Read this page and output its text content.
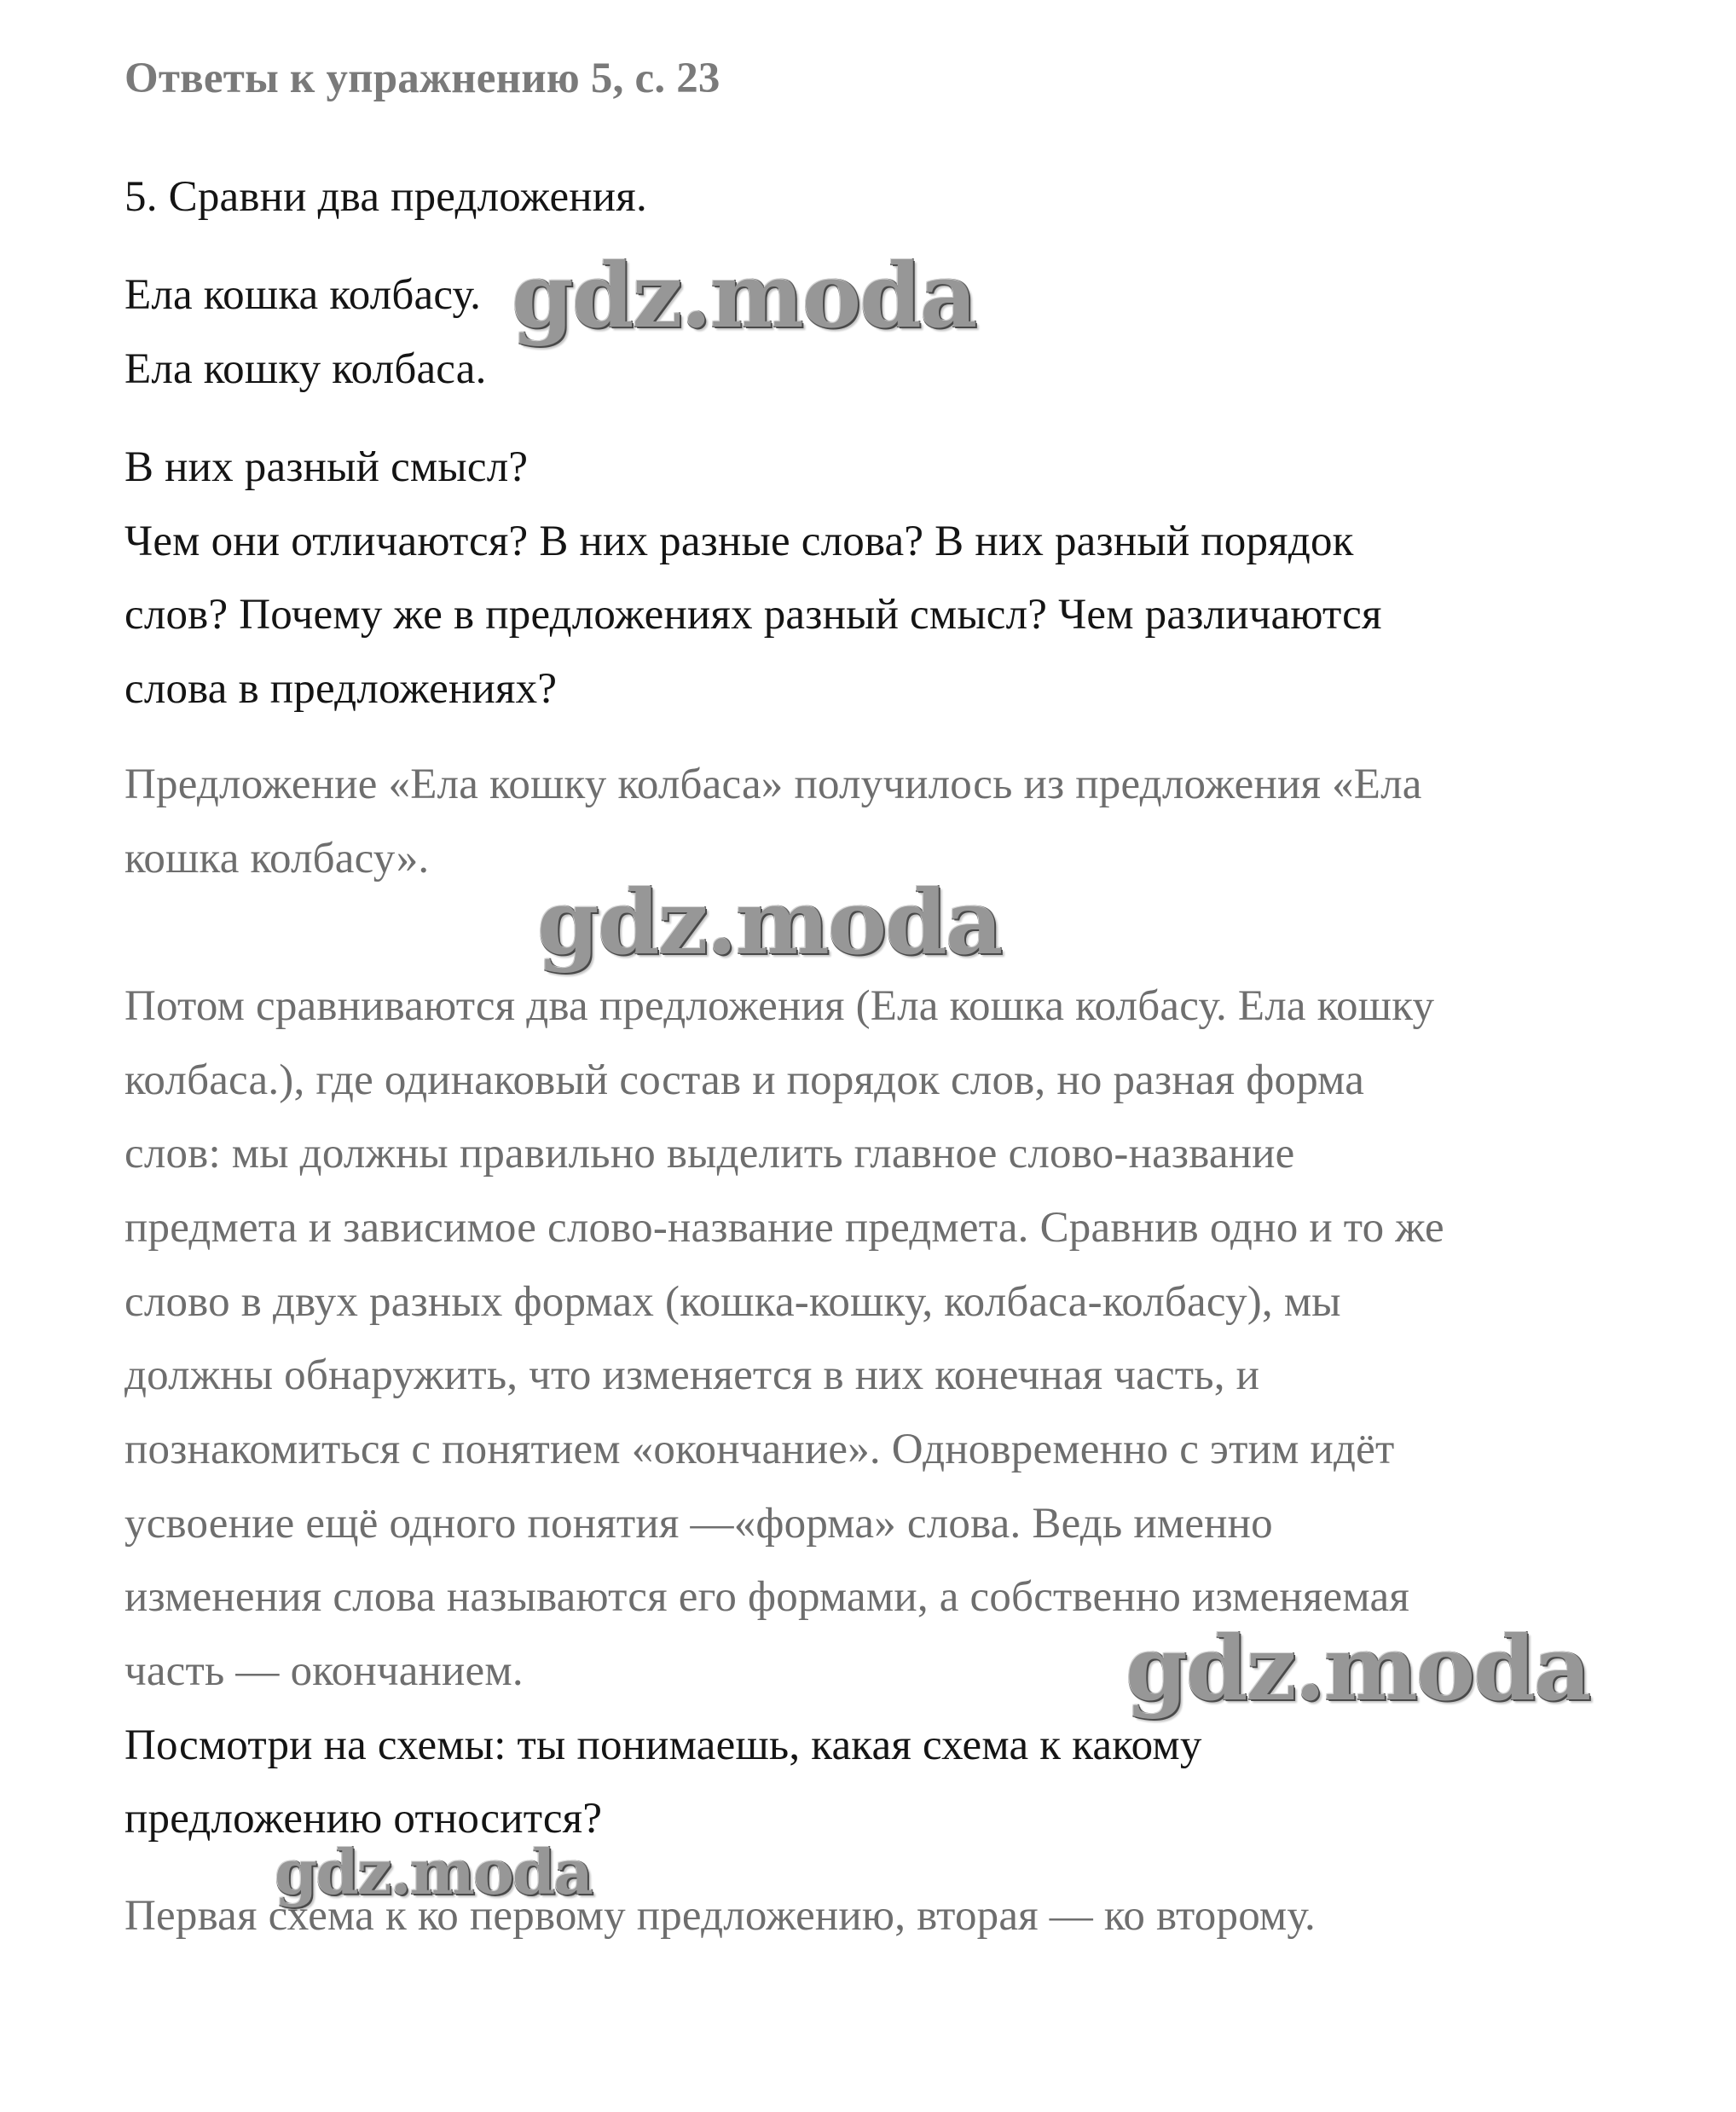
Ответы к упражнению 5, с. 23
5. Сравни два предложения.
Ела кошка колбасу.
Ела кошку колбаса.
В них разный смысл?
Чем они отличаются? В них разные слова? В них разный порядок
слов? Почему же в предложениях разный смысл? Чем различаются
слова в предложениях?
Предложение «Ела кошку колбаса» получилось из предложения «Ела
кошка колбасу».
Потом сравниваются два предложения (Ела кошка колбасу. Ела кошку
колбаса.), где одинаковый состав и порядок слов, но разная форма
слов: мы должны правильно выделить главное слово-название
предмета и зависимое слово-название предмета. Сравнив одно и то же
слово в двух разных формах (кошка-кошку, колбаса-колбасу), мы
должны обнаружить, что изменяется в них конечная часть, и
познакомиться с понятием «окончание». Одновременно с этим идёт
усвоение ещё одного понятия —«форма» слова. Ведь именно
изменения слова называются его формами, а собственно изменяемая
часть — окончанием.
Посмотри на схемы: ты понимаешь, какая схема к какому
предложению относится?
Первая схема к ко первому предложению, вторая — ко второму.
gdz.moda
gdz.moda
gdz.moda
gdz.moda
